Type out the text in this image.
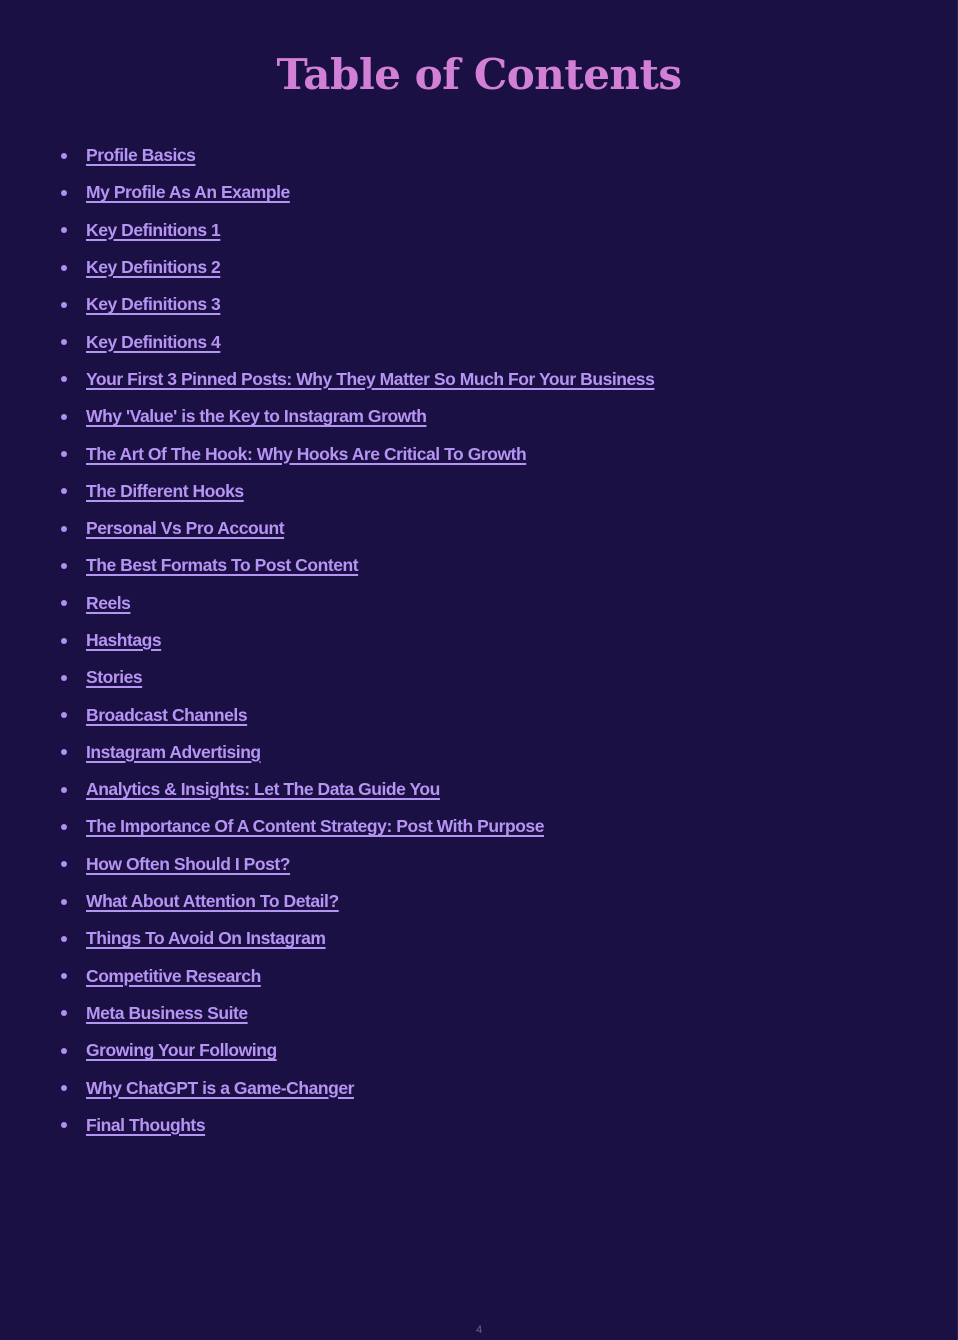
Table of Contents
Profile Basics
My Profile As An Example
Key Definitions 1
Key Definitions 2
Key Definitions 3
Key Definitions 4
Your First 3 Pinned Posts: Why They Matter So Much For Your Business
Why 'Value' is the Key to Instagram Growth
The Art Of The Hook: Why Hooks Are Critical To Growth
The Different Hooks
Personal Vs Pro Account
The Best Formats To Post Content
Reels
Hashtags
Stories
Broadcast Channels
Instagram Advertising
Analytics & Insights: Let The Data Guide You
The Importance Of A Content Strategy: Post With Purpose
How Often Should I Post?
What About Attention To Detail?
Things To Avoid On Instagram
Competitive Research
Meta Business Suite
Growing Your Following
Why ChatGPT is a Game-Changer
Final Thoughts
4
